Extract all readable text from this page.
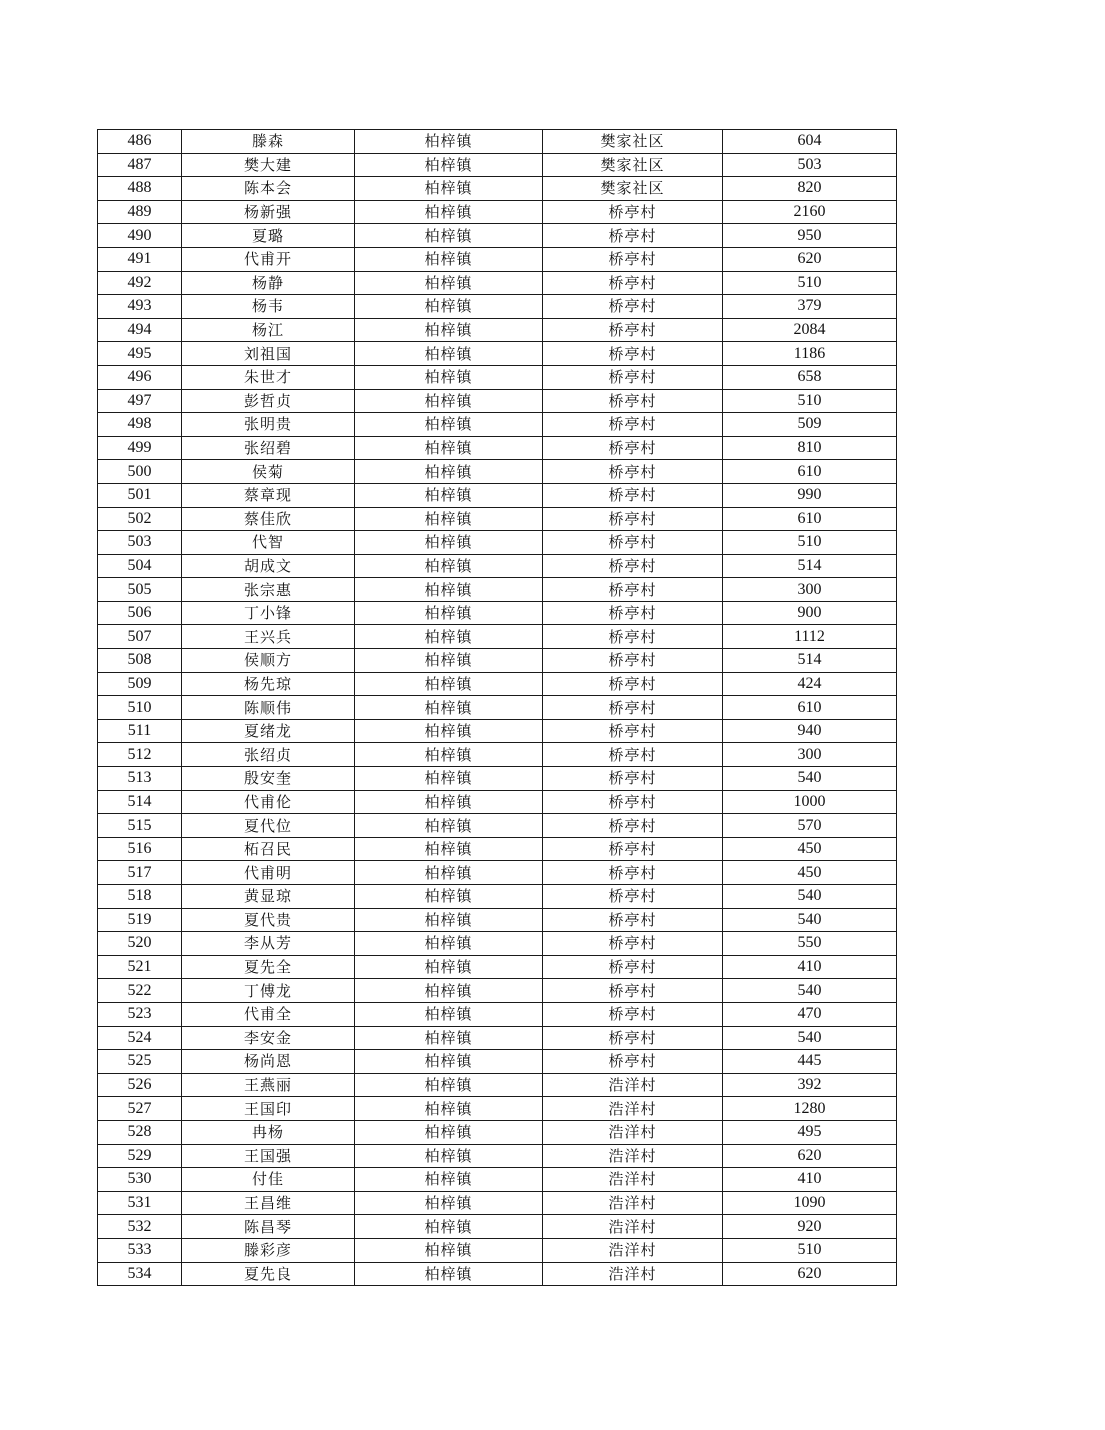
486	滕森	柏梓镇	樊家社区	604
487	樊大建	柏梓镇	樊家社区	503
488	陈本会	柏梓镇	樊家社区	820
489	杨新强	柏梓镇	桥亭村	2160
490	夏璐	柏梓镇	桥亭村	950
491	代甫开	柏梓镇	桥亭村	620
492	杨静	柏梓镇	桥亭村	510
493	杨韦	柏梓镇	桥亭村	379
494	杨江	柏梓镇	桥亭村	2084
495	刘祖国	柏梓镇	桥亭村	1186
496	朱世才	柏梓镇	桥亭村	658
497	彭哲贞	柏梓镇	桥亭村	510
498	张明贵	柏梓镇	桥亭村	509
499	张绍碧	柏梓镇	桥亭村	810
500	侯菊	柏梓镇	桥亭村	610
501	蔡章现	柏梓镇	桥亭村	990
502	蔡佳欣	柏梓镇	桥亭村	610
503	代智	柏梓镇	桥亭村	510
504	胡成文	柏梓镇	桥亭村	514
505	张宗惠	柏梓镇	桥亭村	300
506	丁小锋	柏梓镇	桥亭村	900
507	王兴兵	柏梓镇	桥亭村	1112
508	侯顺方	柏梓镇	桥亭村	514
509	杨先琼	柏梓镇	桥亭村	424
510	陈顺伟	柏梓镇	桥亭村	610
511	夏绪龙	柏梓镇	桥亭村	940
512	张绍贞	柏梓镇	桥亭村	300
513	殷安奎	柏梓镇	桥亭村	540
514	代甫伦	柏梓镇	桥亭村	1000
515	夏代位	柏梓镇	桥亭村	570
516	柘召民	柏梓镇	桥亭村	450
517	代甫明	柏梓镇	桥亭村	450
518	黄显琼	柏梓镇	桥亭村	540
519	夏代贵	柏梓镇	桥亭村	540
520	李从芳	柏梓镇	桥亭村	550
521	夏先全	柏梓镇	桥亭村	410
522	丁傅龙	柏梓镇	桥亭村	540
523	代甫全	柏梓镇	桥亭村	470
524	李安金	柏梓镇	桥亭村	540
525	杨尚恩	柏梓镇	桥亭村	445
526	王燕丽	柏梓镇	浩洋村	392
527	王国印	柏梓镇	浩洋村	1280
528	冉杨	柏梓镇	浩洋村	495
529	王国强	柏梓镇	浩洋村	620
530	付佳	柏梓镇	浩洋村	410
531	王昌维	柏梓镇	浩洋村	1090
532	陈昌琴	柏梓镇	浩洋村	920
533	滕彩彦	柏梓镇	浩洋村	510
534	夏先良	柏梓镇	浩洋村	620
